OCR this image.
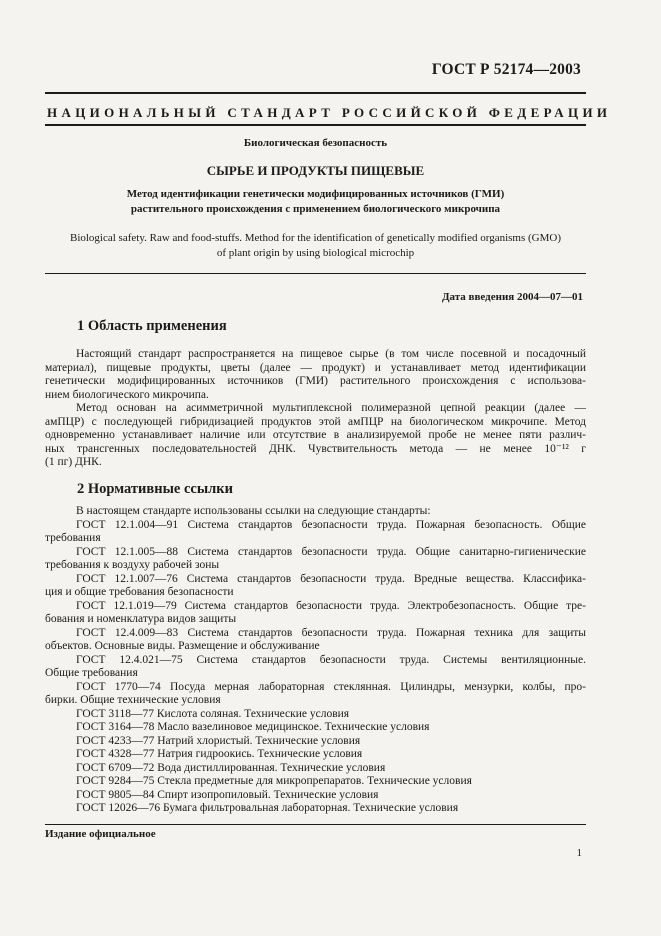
ГОСТ Р 52174—2003
НАЦИОНАЛЬНЫЙ СТАНДАРТ РОССИЙСКОЙ ФЕДЕРАЦИИ
Биологическая безопасность
СЫРЬЕ И ПРОДУКТЫ ПИЩЕВЫЕ
Метод идентификации генетически модифицированных источников (ГМИ)
растительного происхождения с применением биологического микрочипа
Biological safety. Raw and food-stuffs. Method for the identification of genetically modified organisms (GMO)
of plant origin by using biological microchip
Дата введения 2004—07—01
1 Область применения
Настоящий стандарт распространяется на пищевое сырье (в том числе посевной и посадочный
материал), пищевые продукты, цветы (далее — продукт) и устанавливает метод идентификации
генетически модифицированных источников (ГМИ) растительного происхождения с использова-
нием биологического микрочипа.
Метод основан на асимметричной мультиплексной полимеразной цепной реакции (далее —
амПЦР) с последующей гибридизацией продуктов этой амПЦР на биологическом микрочипе. Метод
одновременно устанавливает наличие или отсутствие в анализируемой пробе не менее пяти различ-
ных трансгенных последовательностей ДНК. Чувствительность метода — не менее 10⁻¹² г
(1 пг) ДНК.
2 Нормативные ссылки
В настоящем стандарте использованы ссылки на следующие стандарты:
ГОСТ 12.1.004—91 Система стандартов безопасности труда. Пожарная безопасность. Общие
требования
ГОСТ 12.1.005—88 Система стандартов безопасности труда. Общие санитарно-гигиенические
требования к воздуху рабочей зоны
ГОСТ 12.1.007—76 Система стандартов безопасности труда. Вредные вещества. Классифика-
ция и общие требования безопасности
ГОСТ 12.1.019—79 Система стандартов безопасности труда. Электробезопасность. Общие тре-
бования и номенклатура видов защиты
ГОСТ 12.4.009—83 Система стандартов безопасности труда. Пожарная техника для защиты
объектов. Основные виды. Размещение и обслуживание
ГОСТ 12.4.021—75 Система стандартов безопасности труда. Системы вентиляционные.
Общие требования
ГОСТ 1770—74 Посуда мерная лабораторная стеклянная. Цилиндры, мензурки, колбы, про-
бирки. Общие технические условия
ГОСТ 3118—77 Кислота соляная. Технические условия
ГОСТ 3164—78 Масло вазелиновое медицинское. Технические условия
ГОСТ 4233—77 Натрий хлористый. Технические условия
ГОСТ 4328—77 Натрия гидроокись. Технические условия
ГОСТ 6709—72 Вода дистиллированная. Технические условия
ГОСТ 9284—75 Стекла предметные для микропрепаратов. Технические условия
ГОСТ 9805—84 Спирт изопропиловый. Технические условия
ГОСТ 12026—76 Бумага фильтровальная лабораторная. Технические условия
Издание официальное
1
